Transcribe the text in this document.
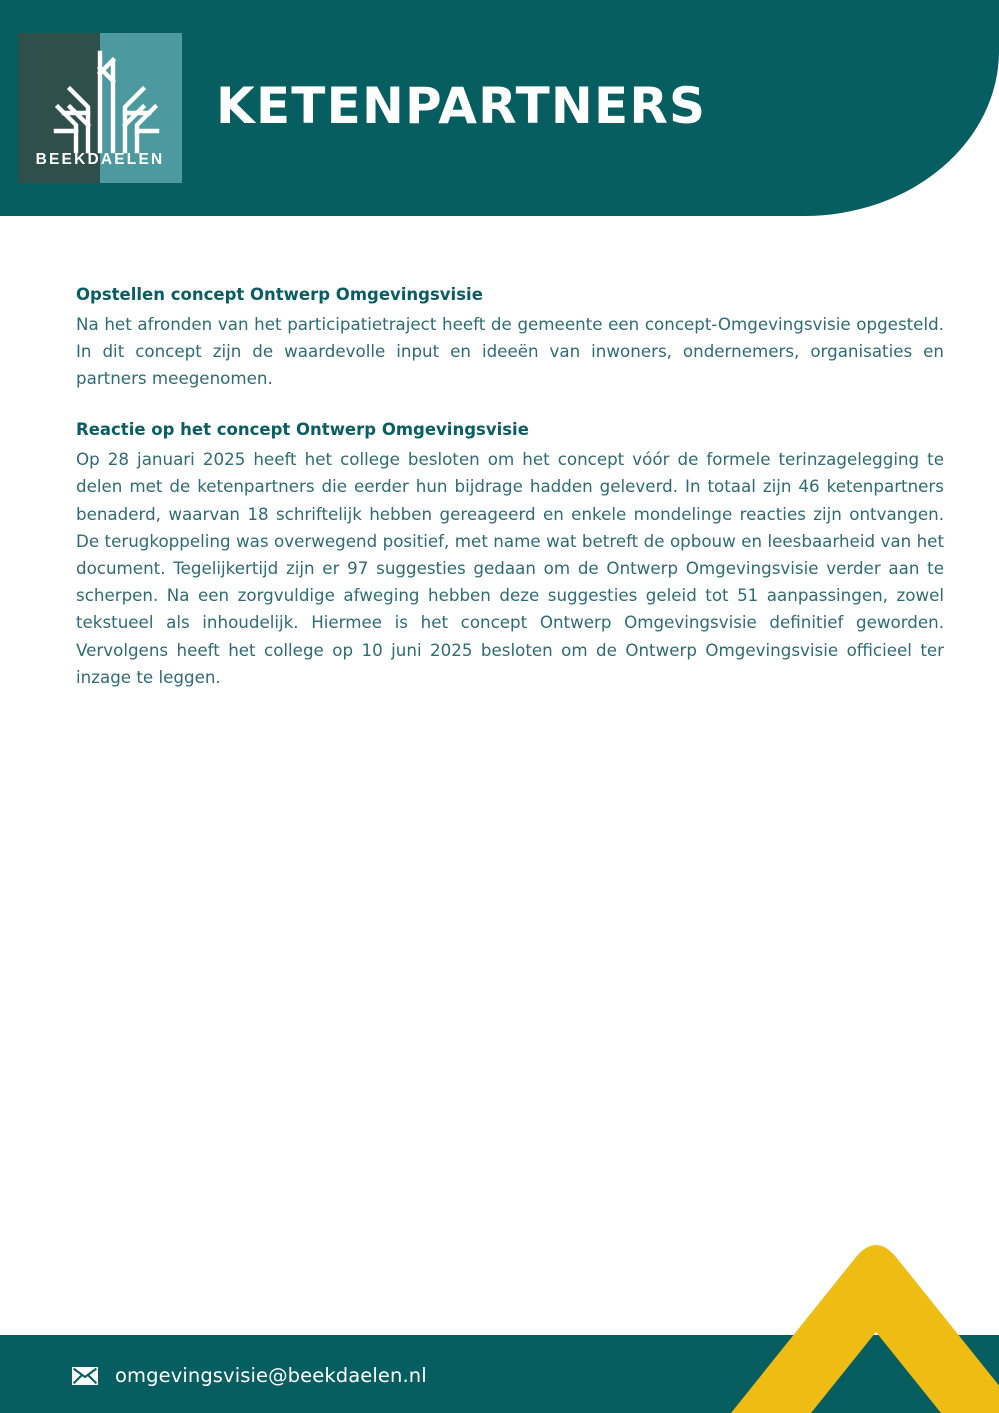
BEEKDAELEN
KETENPARTNERS

Opstellen concept Ontwerp Omgevingsvisie

Na het afronden van het participatietraject heeft de gemeente een concept-Omgevingsvisie opgesteld. In dit concept zijn de waardevolle input en ideeën van inwoners, ondernemers, organisaties en partners meegenomen.

Reactie op het concept Ontwerp Omgevingsvisie

Op 28 januari 2025 heeft het college besloten om het concept vóór de formele terinzagelegging te delen met de ketenpartners die eerder hun bijdrage hadden geleverd. In totaal zijn 46 ketenpartners benaderd, waarvan 18 schriftelijk hebben gereageerd en enkele mondelinge reacties zijn ontvangen. De terugkoppeling was overwegend positief, met name wat betreft de opbouw en leesbaarheid van het document. Tegelijkertijd zijn er 97 suggesties gedaan om de Ontwerp Omgevingsvisie verder aan te scherpen. Na een zorgvuldige afweging hebben deze suggesties geleid tot 51 aanpassingen, zowel tekstueel als inhoudelijk. Hiermee is het concept Ontwerp Omgevingsvisie definitief geworden. Vervolgens heeft het college op 10 juni 2025 besloten om de Ontwerp Omgevingsvisie officieel ter inzage te leggen.

omgevingsvisie@beekdaelen.nl
